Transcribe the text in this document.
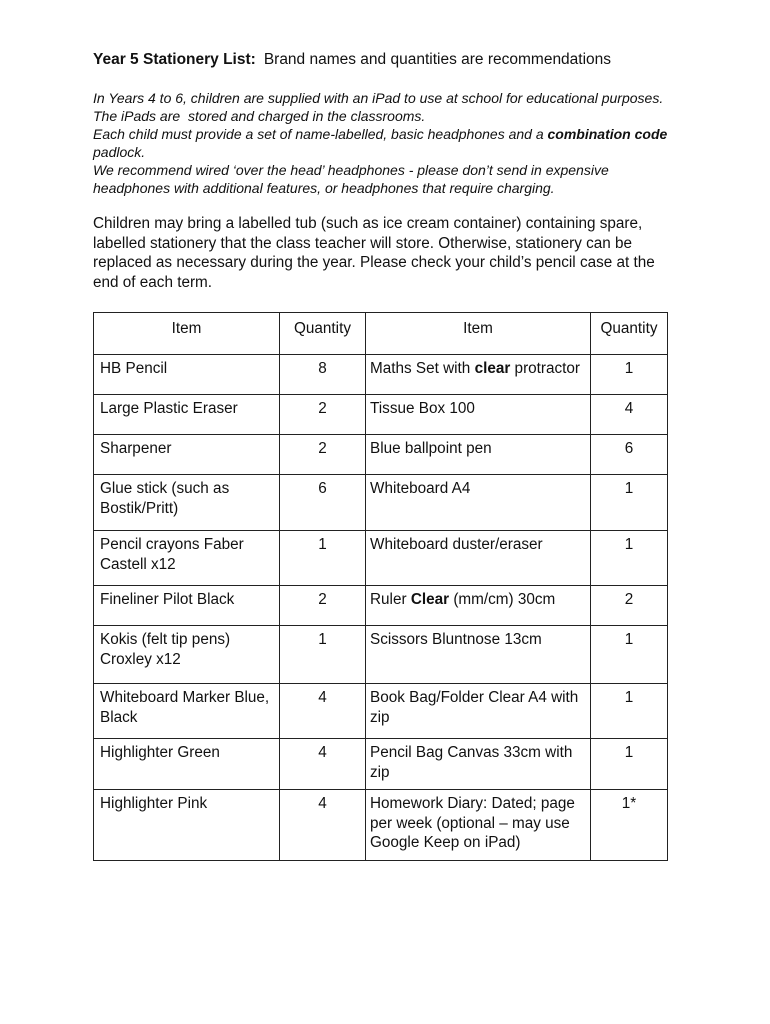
Year 5 Stationery List: Brand names and quantities are recommendations
In Years 4 to 6, children are supplied with an iPad to use at school for educational purposes.
The iPads are  stored and charged in the classrooms.
Each child must provide a set of name-labelled, basic headphones and a combination code
padlock.
We recommend wired ‘over the head’ headphones - please don’t send in expensive
headphones with additional features, or headphones that require charging.
Children may bring a labelled tub (such as ice cream container) containing spare,
labelled stationery that the class teacher will store. Otherwise, stationery can be
replaced as necessary during the year. Please check your child’s pencil case at the
end of each term.
Item	Quantity	Item	Quantity

HB Pencil	8	Maths Set with clear protractor	1

Large Plastic Eraser	2	Tissue Box 100	4

Sharpener	2	Blue ballpoint pen	6

Glue stick (such as
Bostik/Pritt)	6	Whiteboard A4	1

Pencil crayons Faber
Castell x12	1	Whiteboard duster/eraser	1

Fineliner Pilot Black	2	Ruler Clear (mm/cm) 30cm	2

Kokis (felt tip pens)
Croxley x12	1	Scissors Bluntnose 13cm	1

Whiteboard Marker Blue,
Black	4	Book Bag/Folder Clear A4 with
zip	1

Highlighter Green	4	Pencil Bag Canvas 33cm with
zip	1

Highlighter Pink	4	Homework Diary: Dated; page
per week (optional – may use
Google Keep on iPad)	1*
